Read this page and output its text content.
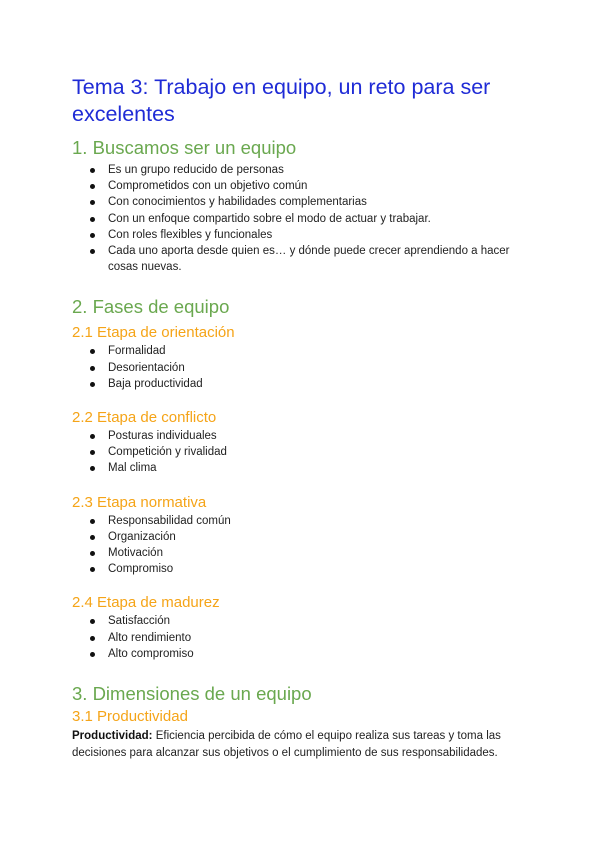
Tema 3: Trabajo en equipo, un reto para ser excelentes
1. Buscamos ser un equipo
Es un grupo reducido de personas
Comprometidos con un objetivo común
Con conocimientos y habilidades complementarias
Con un enfoque compartido sobre el modo de actuar y trabajar.
Con roles flexibles y funcionales
Cada uno aporta desde quien es… y dónde puede crecer aprendiendo a hacer cosas nuevas.
2. Fases de equipo
2.1 Etapa de orientación
Formalidad
Desorientación
Baja productividad
2.2 Etapa de conflicto
Posturas individuales
Competición y rivalidad
Mal clima
2.3 Etapa normativa
Responsabilidad común
Organización
Motivación
Compromiso
2.4 Etapa de madurez
Satisfacción
Alto rendimiento
Alto compromiso
3. Dimensiones de un equipo
3.1 Productividad

Productividad: Eficiencia percibida de cómo el equipo realiza sus tareas y toma las decisiones para alcanzar sus objetivos o el cumplimiento de sus responsabilidades.
